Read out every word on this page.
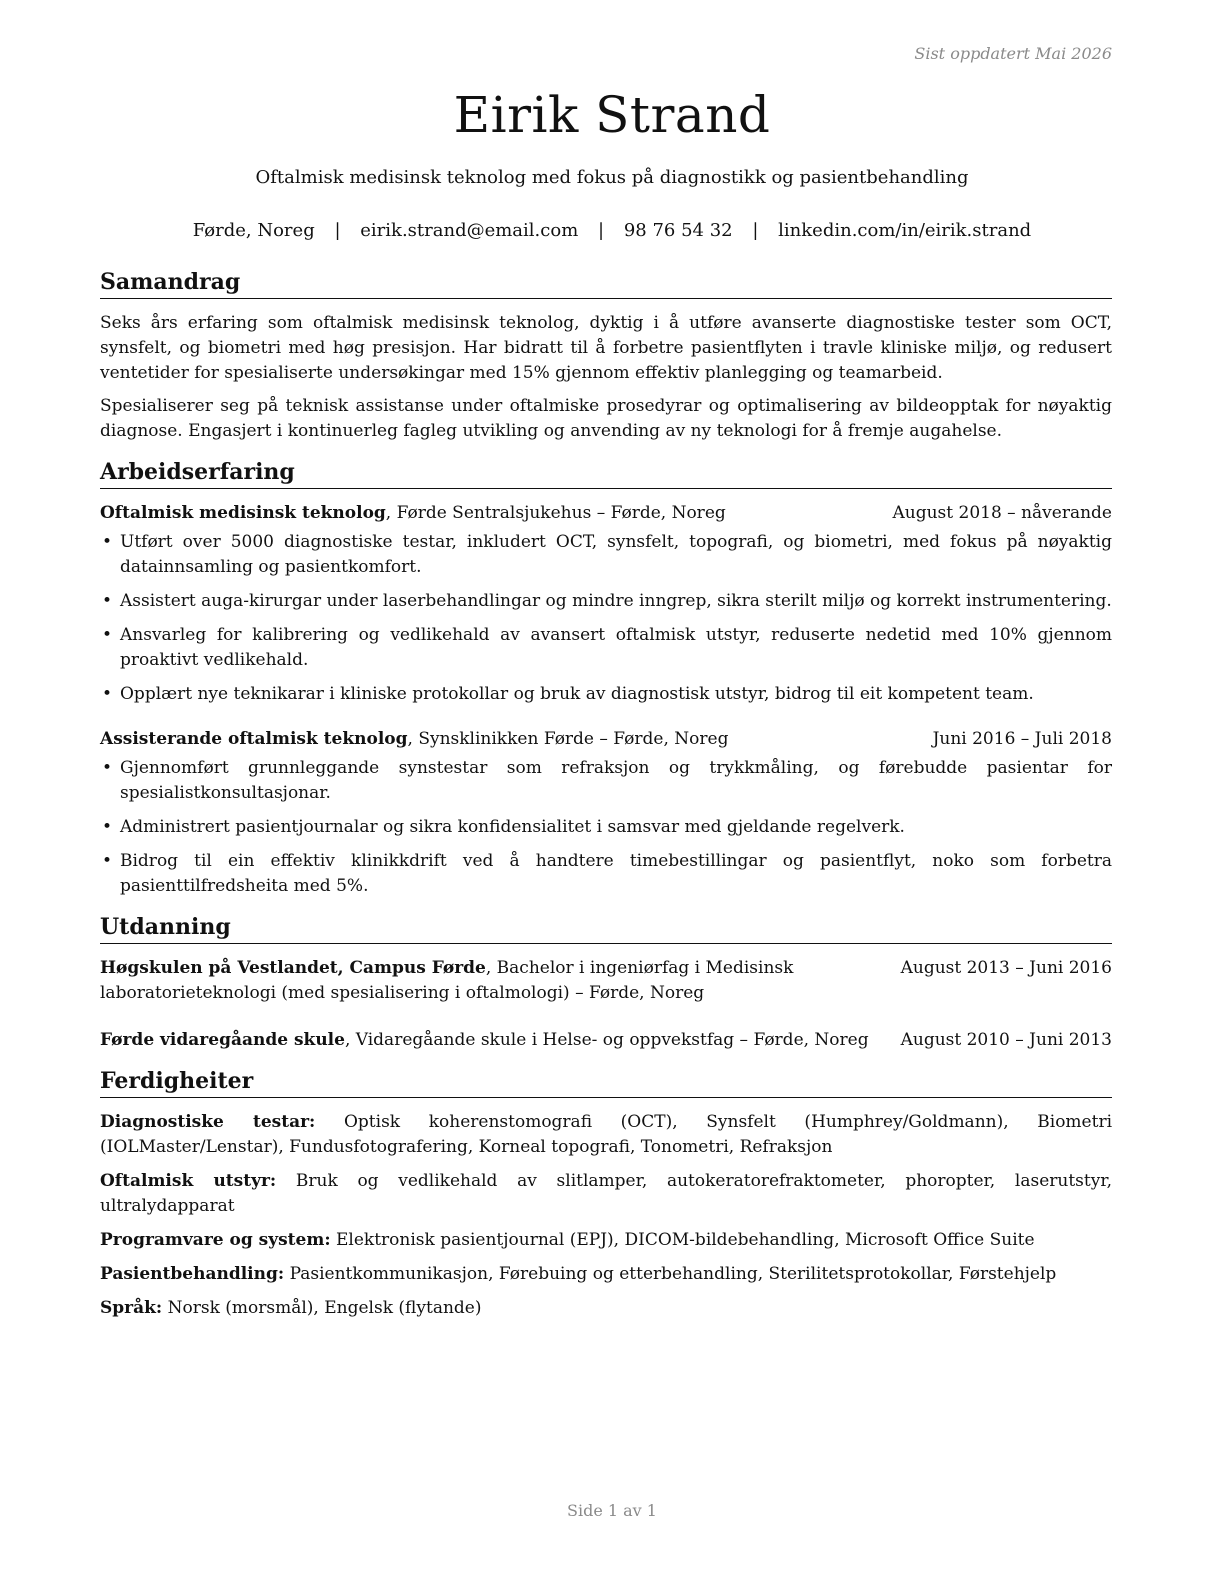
Sist oppdatert Mai 2026
Eirik Strand
Oftalmisk medisinsk teknolog med fokus på diagnostikk og pasientbehandling
Førde, Noreg | eirik.strand@email.com | 98 76 54 32 | linkedin.com/in/eirik.strand
Samandrag

Seks års erfaring som oftalmisk medisinsk teknolog, dyktig i å utføre avanserte diagnostiske tester som OCT, synsfelt, og biometri med høg presisjon. Har bidratt til å forbetre pasientflyten i travle kliniske miljø, og redusert ventetider for spesialiserte undersøkingar med 15% gjennom effektiv planlegging og teamarbeid.

Spesialiserer seg på teknisk assistanse under oftalmiske prosedyrar og optimalisering av bildeopptak for nøyaktig diagnose. Engasjert i kontinuerleg fagleg utvikling og anvending av ny teknologi for å fremje augahelse.

Arbeidserfaring
Oftalmisk medisinsk teknolog, Førde Sentralsjukehus – Førde, Noreg	August 2018 – nåverande
• Utført over 5000 diagnostiske testar, inkludert OCT, synsfelt, topografi, og biometri, med fokus på nøyaktig datainnsamling og pasientkomfort.
• Assistert auga-kirurgar under laserbehandlingar og mindre inngrep, sikra sterilt miljø og korrekt instrumentering.
• Ansvarleg for kalibrering og vedlikehald av avansert oftalmisk utstyr, reduserte nedetid med 10% gjennom proaktivt vedlikehald.
• Opplært nye teknikarar i kliniske protokollar og bruk av diagnostisk utstyr, bidrog til eit kompetent team.
Assisterande oftalmisk teknolog, Synsklinikken Førde – Førde, Noreg	Juni 2016 – Juli 2018
• Gjennomført grunnleggande synstestar som refraksjon og trykkmåling, og førebudde pasientar for spesialistkonsultasjonar.
• Administrert pasientjournalar og sikra konfidensialitet i samsvar med gjeldande regelverk.
• Bidrog til ein effektiv klinikkdrift ved å handtere timebestillingar og pasientflyt, noko som forbetra pasienttilfredsheita med 5%.
Utdanning
Høgskulen på Vestlandet, Campus Førde, Bachelor i ingeniørfag i Medisinsk laboratorieteknologi (med spesialisering i oftalmologi) – Førde, Noreg
August 2013 – Juni 2016
Førde vidaregåande skule, Vidaregåande skule i Helse- og oppvekstfag – Førde, Noreg	August 2010 – Juni 2013
Ferdigheiter

Diagnostiske testar: Optisk koherenstomografi (OCT), Synsfelt (Humphrey/Goldmann), Biometri (IOLMaster/Lenstar), Fundusfotografering, Korneal topografi, Tonometri, Refraksjon

Oftalmisk utstyr: Bruk og vedlikehald av slitlamper, autokeratorefraktometer, phoropter, laserutstyr, ultralydapparat

Programvare og system: Elektronisk pasientjournal (EPJ), DICOM-bildebehandling, Microsoft Office Suite

Pasientbehandling: Pasientkommunikasjon, Førebuing og etterbehandling, Sterilitetsprotokollar, Førstehjelp

Språk: Norsk (morsmål), Engelsk (flytande)

Side 1 av 1
